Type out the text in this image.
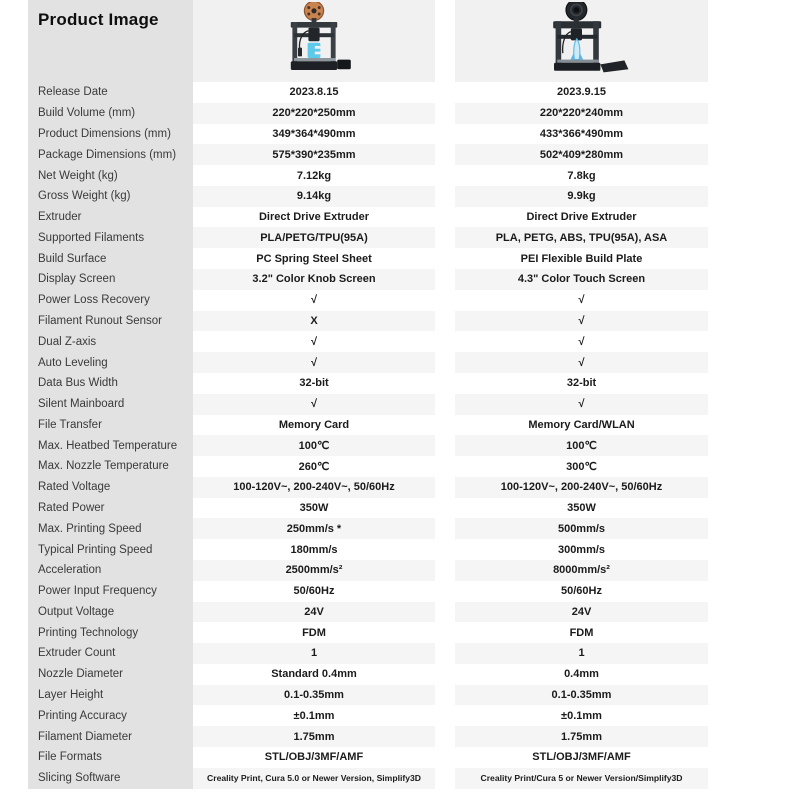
Product Image
Release Date	2023.8.15	2023.9.15
Build Volume (mm)	220*220*250mm	220*220*240mm
Product Dimensions (mm)	349*364*490mm	433*366*490mm
Package Dimensions (mm)	575*390*235mm	502*409*280mm
Net Weight (kg)	7.12kg	7.8kg
Gross Weight (kg)	9.14kg	9.9kg
Extruder	Direct Drive Extruder	Direct Drive Extruder
Supported Filaments	PLA/PETG/TPU(95A)	PLA, PETG, ABS, TPU(95A), ASA
Build Surface	PC Spring Steel Sheet	PEI Flexible Build Plate
Display Screen	3.2" Color Knob Screen	4.3" Color Touch Screen
Power Loss Recovery	√	√
Filament Runout Sensor	X	√
Dual Z-axis	√	√
Auto Leveling	√	√
Data Bus Width	32-bit	32-bit
Silent Mainboard	√	√
File Transfer	Memory Card	Memory Card/WLAN
Max. Heatbed Temperature	100℃	100℃
Max. Nozzle Temperature	260℃	300℃
Rated Voltage	100-120V~, 200-240V~, 50/60Hz	100-120V~, 200-240V~, 50/60Hz
Rated Power	350W	350W
Max. Printing Speed	250mm/s *	500mm/s
Typical Printing Speed	180mm/s	300mm/s
Acceleration	2500mm/s²	8000mm/s²
Power Input Frequency	50/60Hz	50/60Hz
Output Voltage	24V	24V
Printing Technology	FDM	FDM
Extruder Count	1	1
Nozzle Diameter	Standard 0.4mm	0.4mm
Layer Height	0.1-0.35mm	0.1-0.35mm
Printing Accuracy	±0.1mm	±0.1mm
Filament Diameter	1.75mm	1.75mm
File Formats	STL/OBJ/3MF/AMF	STL/OBJ/3MF/AMF
Slicing Software	Creality Print, Cura 5.0 or Newer Version, Simplify3D	Creality Print/Cura 5 or Newer Version/Simplify3D
